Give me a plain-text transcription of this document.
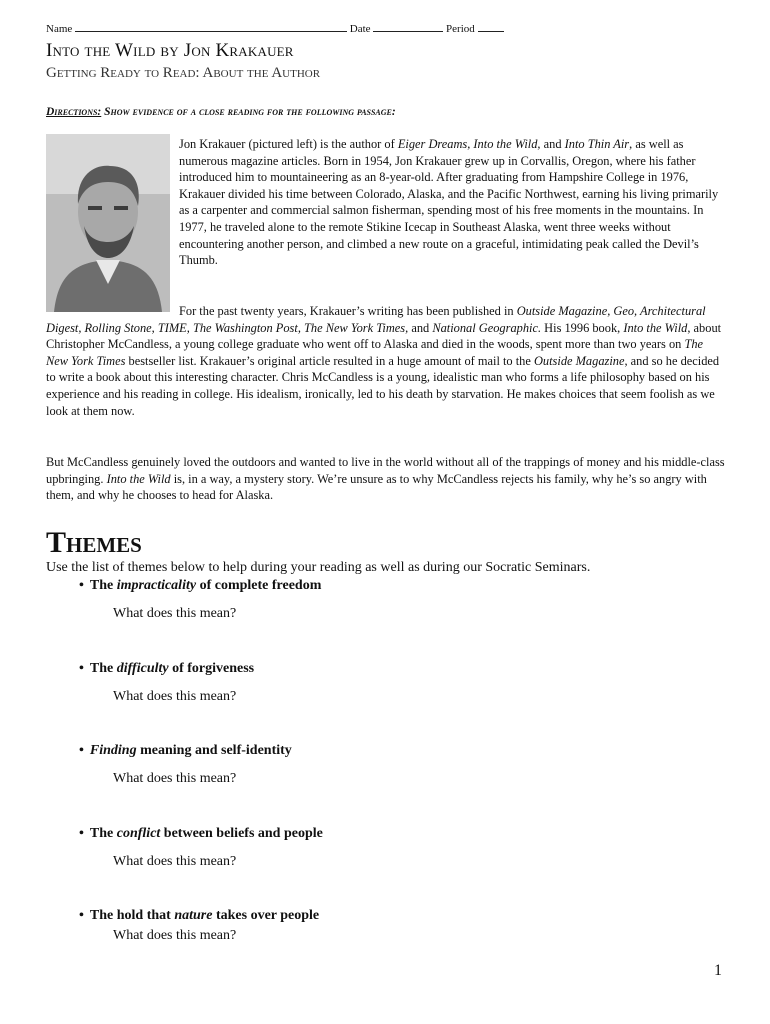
Name	Date	Period
Into the Wild by Jon Krakauer
Getting Ready to Read: About the Author
Directions: Show evidence of a close reading for the following passage:
Jon Krakauer (pictured left) is the author of Eiger Dreams, Into the Wild, and Into Thin Air, as well as numerous magazine articles. Born in 1954, Jon Krakauer grew up in Corvallis, Oregon, where his father introduced him to mountaineering as an 8-year-old. After graduating from Hampshire College in 1976, Krakauer divided his time between Colorado, Alaska, and the Pacific Northwest, earning his living primarily as a carpenter and commercial salmon fisherman, spending most of his free moments in the mountains. In 1977, he traveled alone to the remote Stikine Icecap in Southeast Alaska, went three weeks without encountering another person, and climbed a new route on a graceful, intimidating peak called the Devil’s Thumb.
For the past twenty years, Krakauer’s writing has been published in Outside Magazine, Geo, Architectural Digest, Rolling Stone, TIME, The Washington Post, The New York Times, and National Geographic. His 1996 book, Into the Wild, about Christopher McCandless, a young college graduate who went off to Alaska and died in the woods, spent more than two years on The New York Times bestseller list. Krakauer’s original article resulted in a huge amount of mail to the Outside Magazine, and so he decided to write a book about this interesting character. Chris McCandless is a young, idealistic man who forms a life philosophy based on his experience and his reading in college. His idealism, ironically, led to his death by starvation. He makes choices that seem foolish as we look at them now.
But McCandless genuinely loved the outdoors and wanted to live in the world without all of the trappings of money and his middle-class upbringing. Into the Wild is, in a way, a mystery story. We’re unsure as to why McCandless rejects his family, why he’s so angry with them, and why he chooses to head for Alaska.
Themes
Use the list of themes below to help during your reading as well as during our Socratic Seminars.
• The impracticality of complete freedom
What does this mean?
• The difficulty of forgiveness
What does this mean?
• Finding meaning and self-identity
What does this mean?
• The conflict between beliefs and people
What does this mean?
• The hold that nature takes over people
What does this mean?
1
